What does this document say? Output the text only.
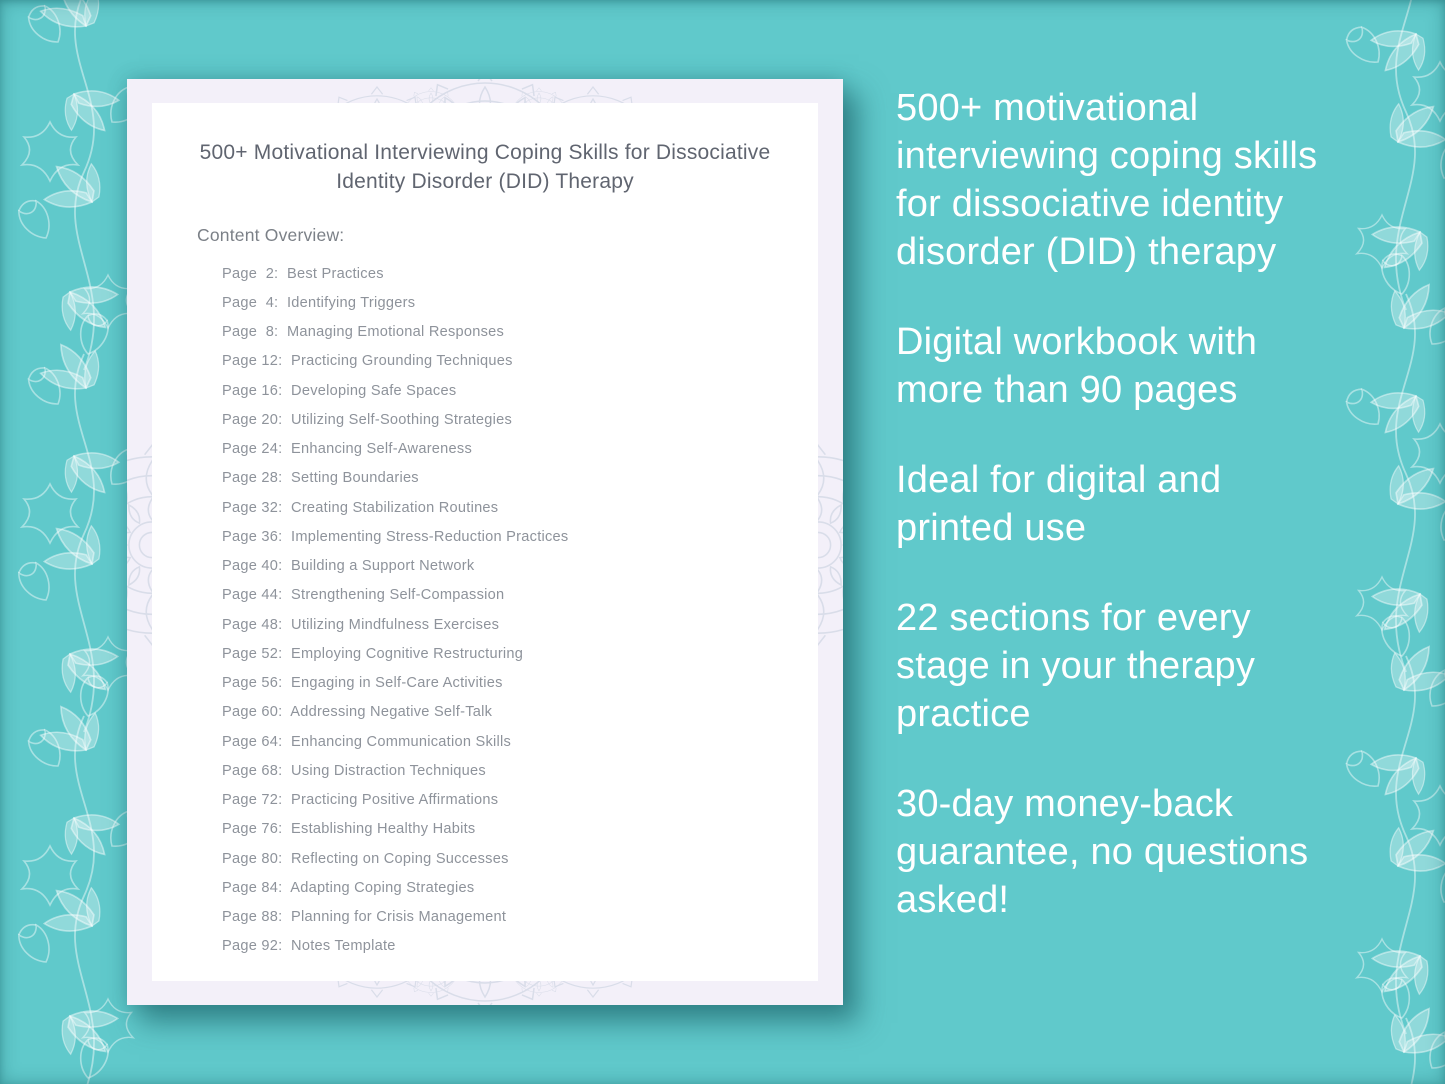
500+ Motivational Interviewing Coping Skills for Dissociative Identity Disorder (DID) Therapy
Content Overview:
Page  2:  Best Practices
Page  4:  Identifying Triggers
Page  8:  Managing Emotional Responses
Page 12:  Practicing Grounding Techniques
Page 16:  Developing Safe Spaces
Page 20:  Utilizing Self-Soothing Strategies
Page 24:  Enhancing Self-Awareness
Page 28:  Setting Boundaries
Page 32:  Creating Stabilization Routines
Page 36:  Implementing Stress-Reduction Practices
Page 40:  Building a Support Network
Page 44:  Strengthening Self-Compassion
Page 48:  Utilizing Mindfulness Exercises
Page 52:  Employing Cognitive Restructuring
Page 56:  Engaging in Self-Care Activities
Page 60:  Addressing Negative Self-Talk
Page 64:  Enhancing Communication Skills
Page 68:  Using Distraction Techniques
Page 72:  Practicing Positive Affirmations
Page 76:  Establishing Healthy Habits
Page 80:  Reflecting on Coping Successes
Page 84:  Adapting Coping Strategies
Page 88:  Planning for Crisis Management
Page 92:  Notes Template

500+ motivational interviewing coping skills for dissociative identity disorder (DID) therapy

Digital workbook with more than 90 pages

Ideal for digital and printed use

22 sections for every stage in your therapy practice

30-day money-back guarantee, no questions asked!
